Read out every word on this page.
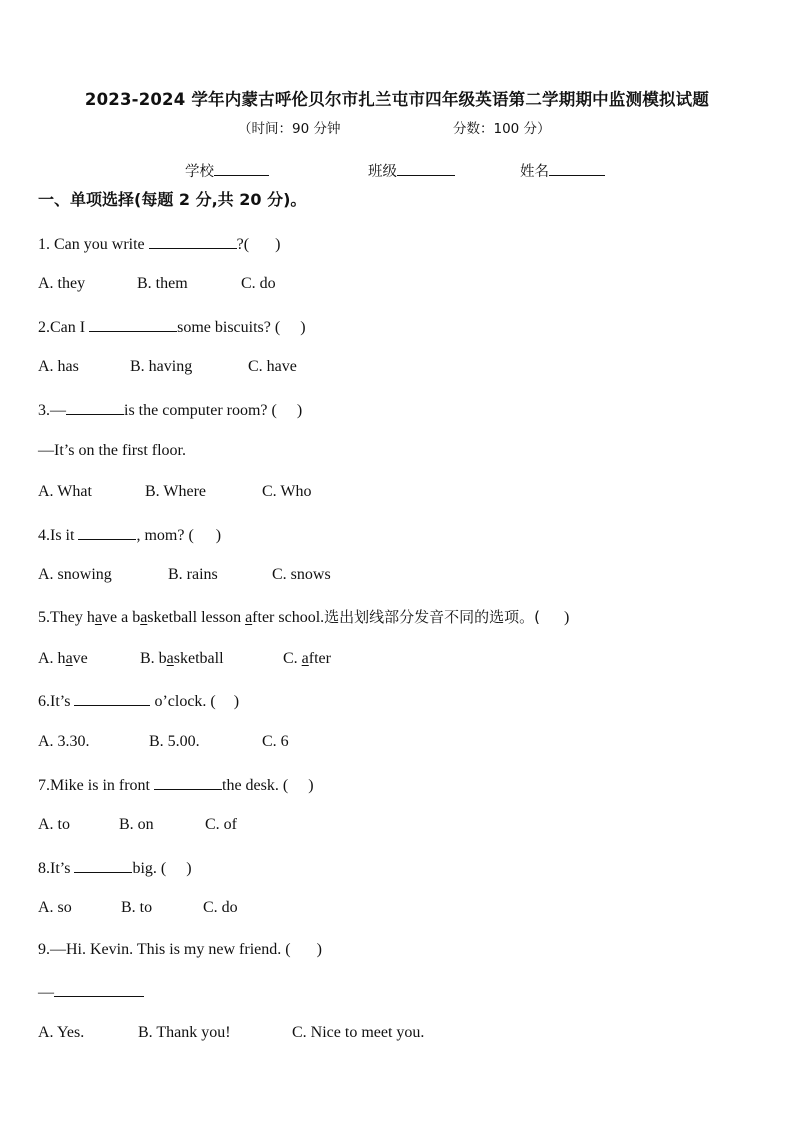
2023-2024 学年内蒙古呼伦贝尔市扎兰屯市四年级英语第二学期期中监测模拟试题
（时间：90 分钟	分数：100 分）
学校	班级	姓名
一、单项选择(每题 2 分,共 20 分)。
1. Can you write	?( )
A. they	B. them	C. do
2.Can I	some biscuits? ( )
A. has	B. having	C. have
3.—	is the computer room? ( )
—It’s on the first floor.
A. What	B. Where	C. Who
4.Is it	, mom? ( )
A. snowing	B. rains	C. snows
5.They have a basketball lesson after school.选出划线部分发音不同的选项。( )
A. have	B. basketball	C. after
6.It’s	o’clock. ( )
A. 3.30.	B. 5.00.	C. 6
7.Mike is in front	the desk. ( )
A. to	B. on	C. of
8.It’s	big. ( )
A. so	B. to	C. do
9.—Hi. Kevin. This is my new friend. ( )
—
A. Yes.	B. Thank you!	C. Nice to meet you.
